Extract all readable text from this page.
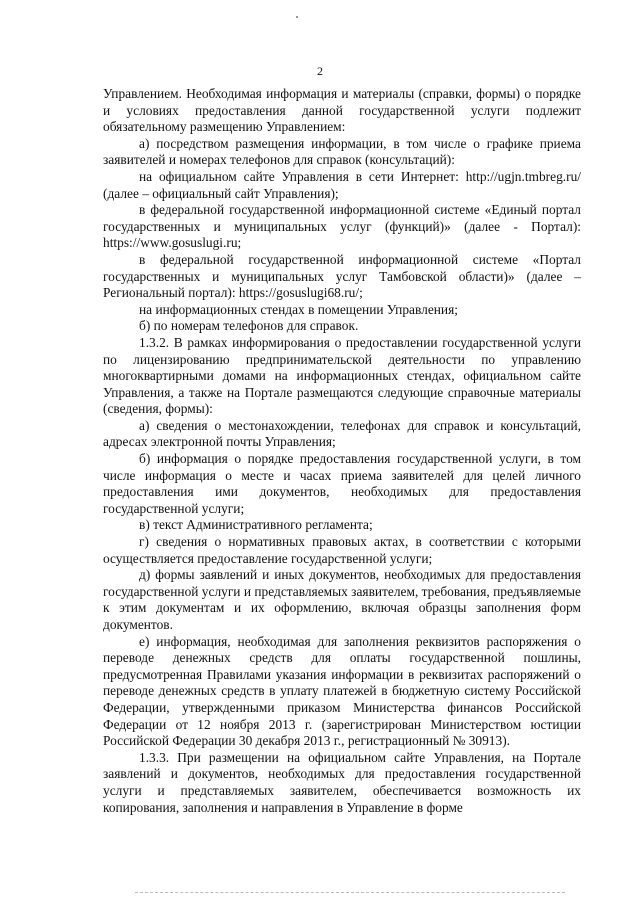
2

Управлением. Необходимая информация и материалы (справки, формы) о порядке и условиях предоставления данной государственной услуги подлежит обязательному размещению Управлением:

а) посредством размещения информации, в том числе о графике приема заявителей и номерах телефонов для справок (консультаций):

на официальном сайте Управления в сети Интернет: http://ugjn.tmbreg.ru/ (далее – официальный сайт Управления);

в федеральной государственной информационной системе «Единый портал государственных и муниципальных услуг (функций)» (далее - Портал): https://www.gosuslugi.ru;

в федеральной государственной информационной системе «Портал государственных и муниципальных услуг Тамбовской области)» (далее – Региональный портал): https://gosuslugi68.ru/;

на информационных стендах в помещении Управления;

б) по номерам телефонов для справок.

1.3.2. В рамках информирования о предоставлении государственной услуги по лицензированию предпринимательской деятельности по управлению многоквартирными домами на информационных стендах, официальном сайте Управления, а также на Портале размещаются следующие справочные материалы (сведения, формы):

а) сведения о местонахождении, телефонах для справок и консультаций, адресах электронной почты Управления;

б) информация о порядке предоставления государственной услуги, в том числе информация о месте и часах приема заявителей для целей личного предоставления ими документов, необходимых для предоставления государственной услуги;

в) текст Административного регламента;

г) сведения о нормативных правовых актах, в соответствии с которыми осуществляется предоставление государственной услуги;

д) формы заявлений и иных документов, необходимых для предоставления государственной услуги и представляемых заявителем, требования, предъявляемые к этим документам и их оформлению, включая образцы заполнения форм документов.

е) информация, необходимая для заполнения реквизитов распоряжения о переводе денежных средств для оплаты государственной пошлины, предусмотренная Правилами указания информации в реквизитах распоряжений о переводе денежных средств в уплату платежей в бюджетную систему Российской Федерации, утвержденными приказом Министерства финансов Российской Федерации от 12 ноября 2013 г. (зарегистрирован Министерством юстиции Российской Федерации 30 декабря 2013 г., регистрационный № 30913).

1.3.3. При размещении на официальном сайте Управления, на Портале заявлений и документов, необходимых для предоставления государственной услуги и представляемых заявителем, обеспечивается возможность их копирования, заполнения и направления в Управление в форме
